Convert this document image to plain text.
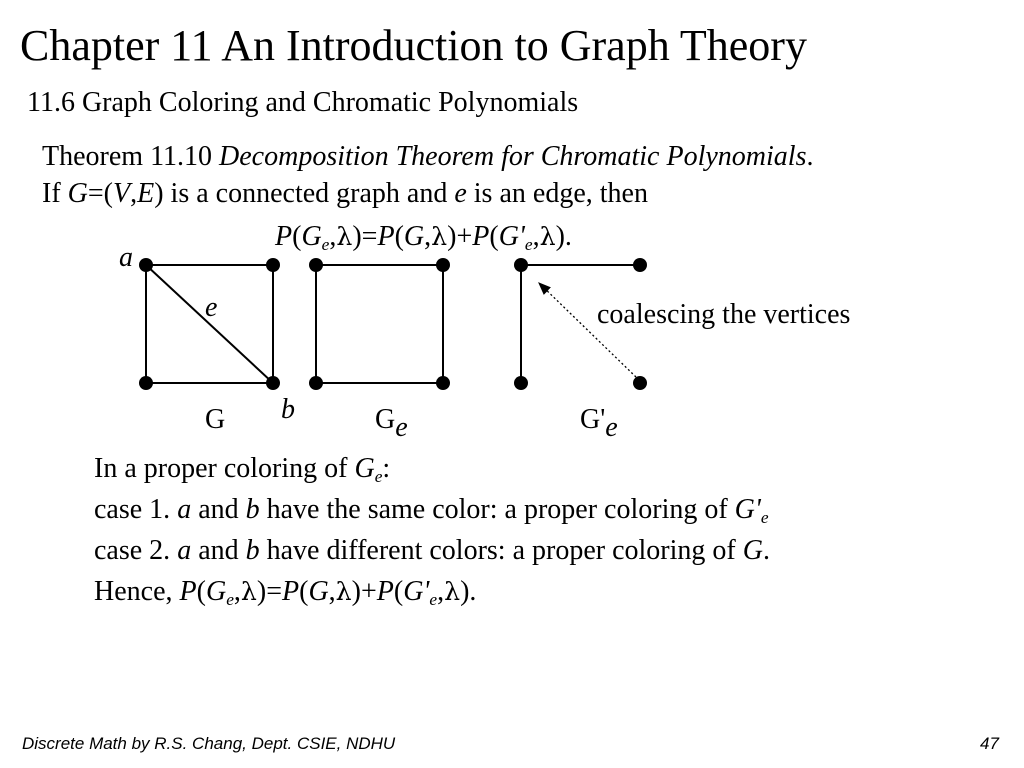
Chapter 11 An Introduction to Graph Theory
11.6 Graph Coloring and Chromatic Polynomials
Theorem 11.10 Decomposition Theorem for Chromatic Polynomials.
If G=(V,E) is a connected graph and e is an edge, then
$P(G_e,\lambda)=P(G,\lambda)+P(G'_e,\lambda)$.
a
e
b
G	Ge	G'e
coalescing the vertices
In a proper coloring of $G_e$:
case 1. a and b have the same color: a proper coloring of $G'_e$
case 2. a and b have different colors: a proper coloring of G.
Hence, $P(G_e,\lambda)=P(G,\lambda)+P(G'_e,\lambda)$.
Discrete Math by R.S. Chang, Dept. CSIE, NDHU	47
